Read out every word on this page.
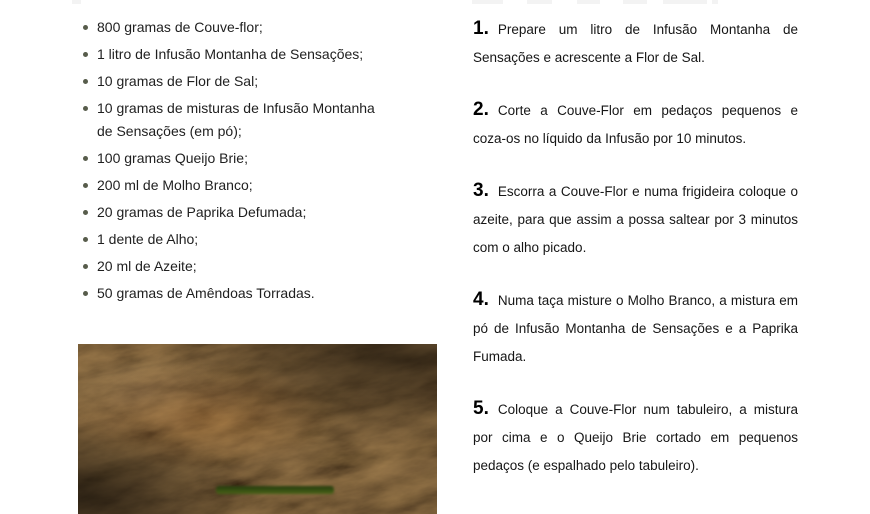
800 gramas de Couve-flor;
1 litro de Infusão Montanha de Sensações;
10 gramas de Flor de Sal;
10 gramas de misturas de Infusão Montanha de Sensações (em pó);
100 gramas Queijo Brie;
200 ml de Molho Branco;
20 gramas de Paprika Defumada;
1 dente de Alho;
20 ml de Azeite;
50 gramas de Amêndoas Torradas.

1. Prepare um litro de Infusão Montanha de Sensações e acrescente a Flor de Sal.

2. Corte a Couve-Flor em pedaços pequenos e coza-os no líquido da Infusão por 10 minutos.

3. Escorra a Couve-Flor e numa frigideira coloque o azeite, para que assim a possa saltear por 3 minutos com o alho picado.

4. Numa taça misture o Molho Branco, a mistura em pó de Infusão Montanha de Sensações e a Paprika Fumada.

5. Coloque a Couve-Flor num tabuleiro, a mistura por cima e o Queijo Brie cortado em pequenos pedaços (e espalhado pelo tabuleiro).
